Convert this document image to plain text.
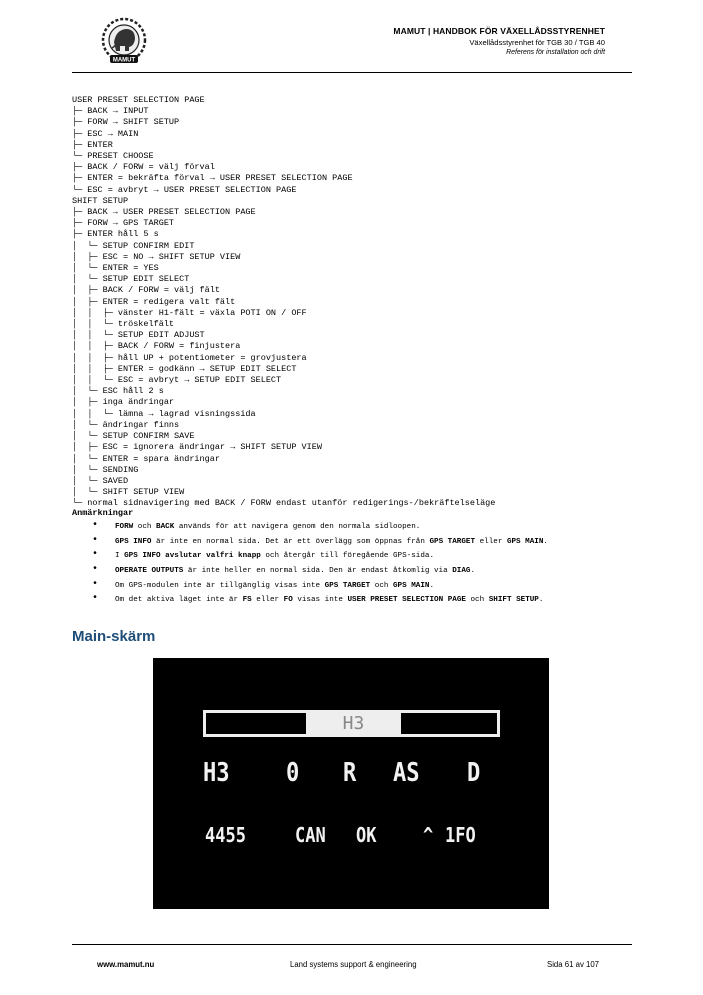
MAMUT
MAMUT | HANDBOK FÖR VÄXELLÅDSSTYRENHET
Växellådsstyrenhet för TGB 30 / TGB 40
Referens för installation och drift
USER PRESET SELECTION PAGE
├─ BACK → INPUT
├─ FORW → SHIFT SETUP
├─ ESC → MAIN
├─ ENTER
└─ PRESET CHOOSE
├─ BACK / FORW = välj förval
├─ ENTER = bekräfta förval → USER PRESET SELECTION PAGE
└─ ESC = avbryt → USER PRESET SELECTION PAGE
SHIFT SETUP
├─ BACK → USER PRESET SELECTION PAGE
├─ FORW → GPS TARGET
├─ ENTER håll 5 s
│  └─ SETUP CONFIRM EDIT
│  ├─ ESC = NO → SHIFT SETUP VIEW
│  └─ ENTER = YES
│  └─ SETUP EDIT SELECT
│  ├─ BACK / FORW = välj fält
│  ├─ ENTER = redigera valt fält
│  │  ├─ vänster H1-fält = växla POTI ON / OFF
│  │  └─ tröskelfält
│  │  └─ SETUP EDIT ADJUST
│  │  ├─ BACK / FORW = finjustera
│  │  ├─ håll UP + potentiometer = grovjustera
│  │  ├─ ENTER = godkänn → SETUP EDIT SELECT
│  │  └─ ESC = avbryt → SETUP EDIT SELECT
│  └─ ESC håll 2 s
│  ├─ inga ändringar
│  │  └─ lämna → lagrad visningssida
│  └─ ändringar finns
│  └─ SETUP CONFIRM SAVE
│  ├─ ESC = ignorera ändringar → SHIFT SETUP VIEW
│  └─ ENTER = spara ändringar
│  └─ SENDING
│  └─ SAVED
│  └─ SHIFT SETUP VIEW
└─ normal sidnavigering med BACK / FORW endast utanför redigerings-/bekräftelseläge
Anmärkningar
• FORW och BACK används för att navigera genom den normala sidloopen.
• GPS INFO är inte en normal sida. Det är ett överlägg som öppnas från GPS TARGET eller GPS MAIN.
• I GPS INFO avslutar valfri knapp och återgår till föregående GPS-sida.
• OPERATE OUTPUTS är inte heller en normal sida. Den är endast åtkomlig via DIAG.
• Om GPS-modulen inte är tillgänglig visas inte GPS TARGET och GPS MAIN.
• Om det aktiva läget inte är FS eller FO visas inte USER PRESET SELECTION PAGE och SHIFT SETUP.
Main-skärm
H3
H3 0 R AS D
4455 CAN OK ^ 1FO
www.mamut.nu	Land systems support & engineering	Sida 61 av 107
